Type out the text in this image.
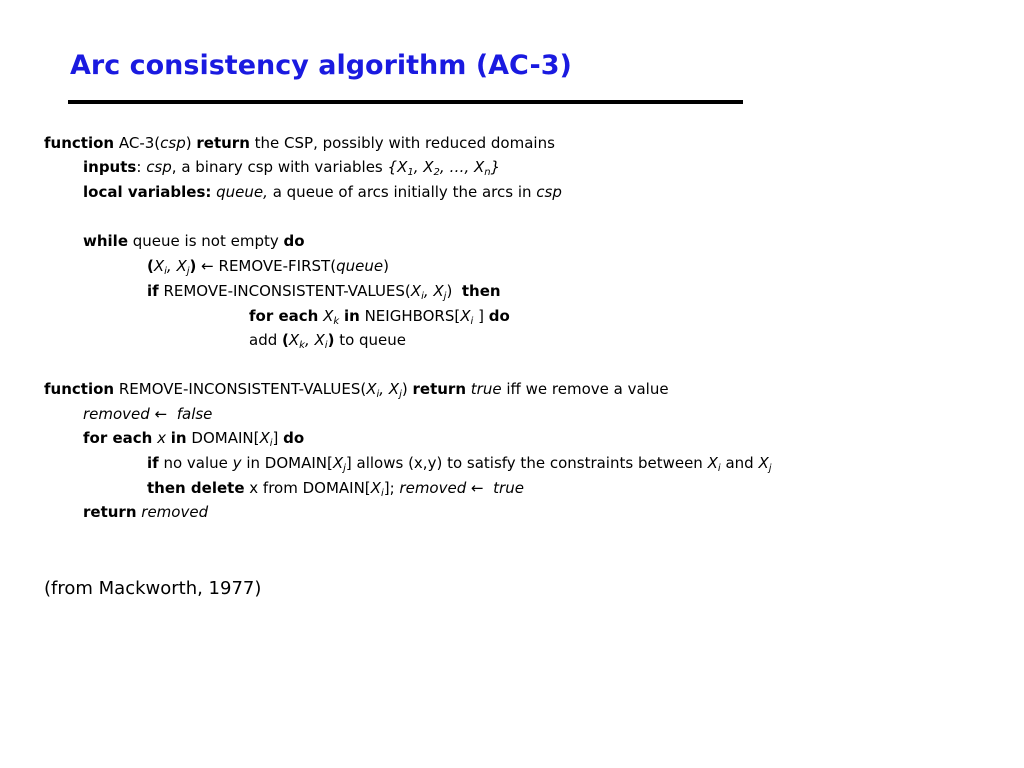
Arc consistency algorithm (AC-3)
function AC-3(csp) return the CSP, possibly with reduced domains
inputs: csp, a binary csp with variables {$X_1$, $X_2$, …, $X_n$}
local variables: queue, a queue of arcs initially the arcs in csp
while queue is not empty do
($X_i$, $X_j$) ← REMOVE-FIRST(queue)
if REMOVE-$INCONSISTENT-VALUES(X_i$, $X_j$) then
for each $X_k$ in $NEIGHBORS[X_i$ ] do
add ($X_k$, $X_i$) to queue
function REMOVE-$INCONSISTENT-VALUES(X_i$, $X_j$) return true iff we remove a value
removed ← false
for each x in $DOMAIN[X_i]$ do
if no value y in $DOMAIN[X_j]$ allows (x,y) to satisfy the constraints between $X_i$ and $X_j$
then delete x from $DOMAIN[X_i]$; removed ← true
return removed
(from Mackworth, 1977)
